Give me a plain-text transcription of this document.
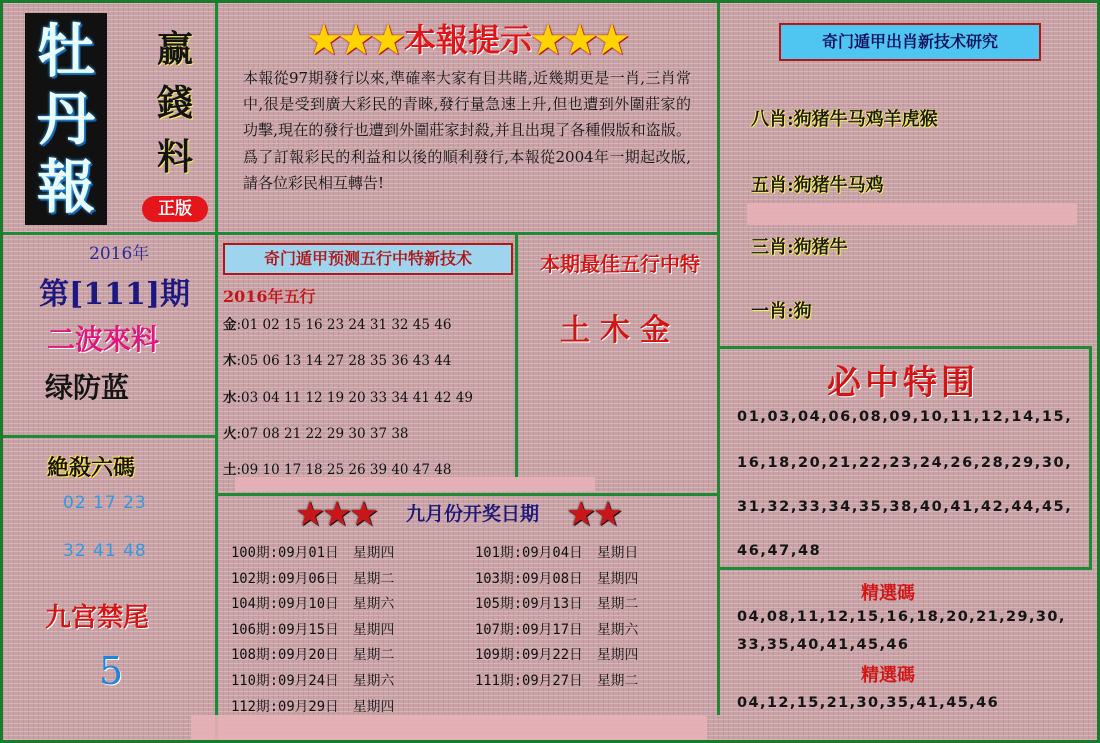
牡
丹
報
赢
錢
料
正版
★★★本報提示★★★
本報從97期發行以來,準確率大家有目共睹,近幾期更是一肖,三肖常中,很是受到廣大彩民的青睞,發行量急速上升,但也遭到外圍莊家的功擊,現在的發行也遭到外圍莊家封殺,并且出現了各種假版和盗版。爲了訂報彩民的利益和以後的順利發行,本報從2004年一期起改版,請各位彩民相互轉告!
2016年
第[111]期
二波來料
绿防蓝
絶殺六碼
02 17 23
32 41 48
九宫禁尾
5
奇门遁甲预测五行中特新技术
2016年五行
金:01 02 15 16 23 24 31 32 45 46
木:05 06 13 14 27 28 35 36 43 44
水:03 04 11 12 19 20 33 34 41 42 49
火:07 08 21 22 29 30 37 38
土:09 10 17 18 25 26 39 40 47 48
本期最佳五行中特
土木金
★★★ 九月份开奖日期 ★★
100期:09月01日 星期四
102期:09月06日 星期二
104期:09月10日 星期六
106期:09月15日 星期四
108期:09月20日 星期二
110期:09月24日 星期六
112期:09月29日 星期四
101期:09月04日 星期日
103期:09月08日 星期四
105期:09月13日 星期二
107期:09月17日 星期六
109期:09月22日 星期四
111期:09月27日 星期二
奇门遁甲出肖新技术研究
八肖:狗猪牛马鸡羊虎猴
五肖:狗猪牛马鸡
三肖:狗猪牛
一肖:狗
必中特围
01,03,04,06,08,09,10,11,12,14,15,
16,18,20,21,22,23,24,26,28,29,30,
31,32,33,34,35,38,40,41,42,44,45,
46,47,48
精選碼
04,08,11,12,15,16,18,20,21,29,30,
33,35,40,41,45,46
精選碼
04,12,15,21,30,35,41,45,46
